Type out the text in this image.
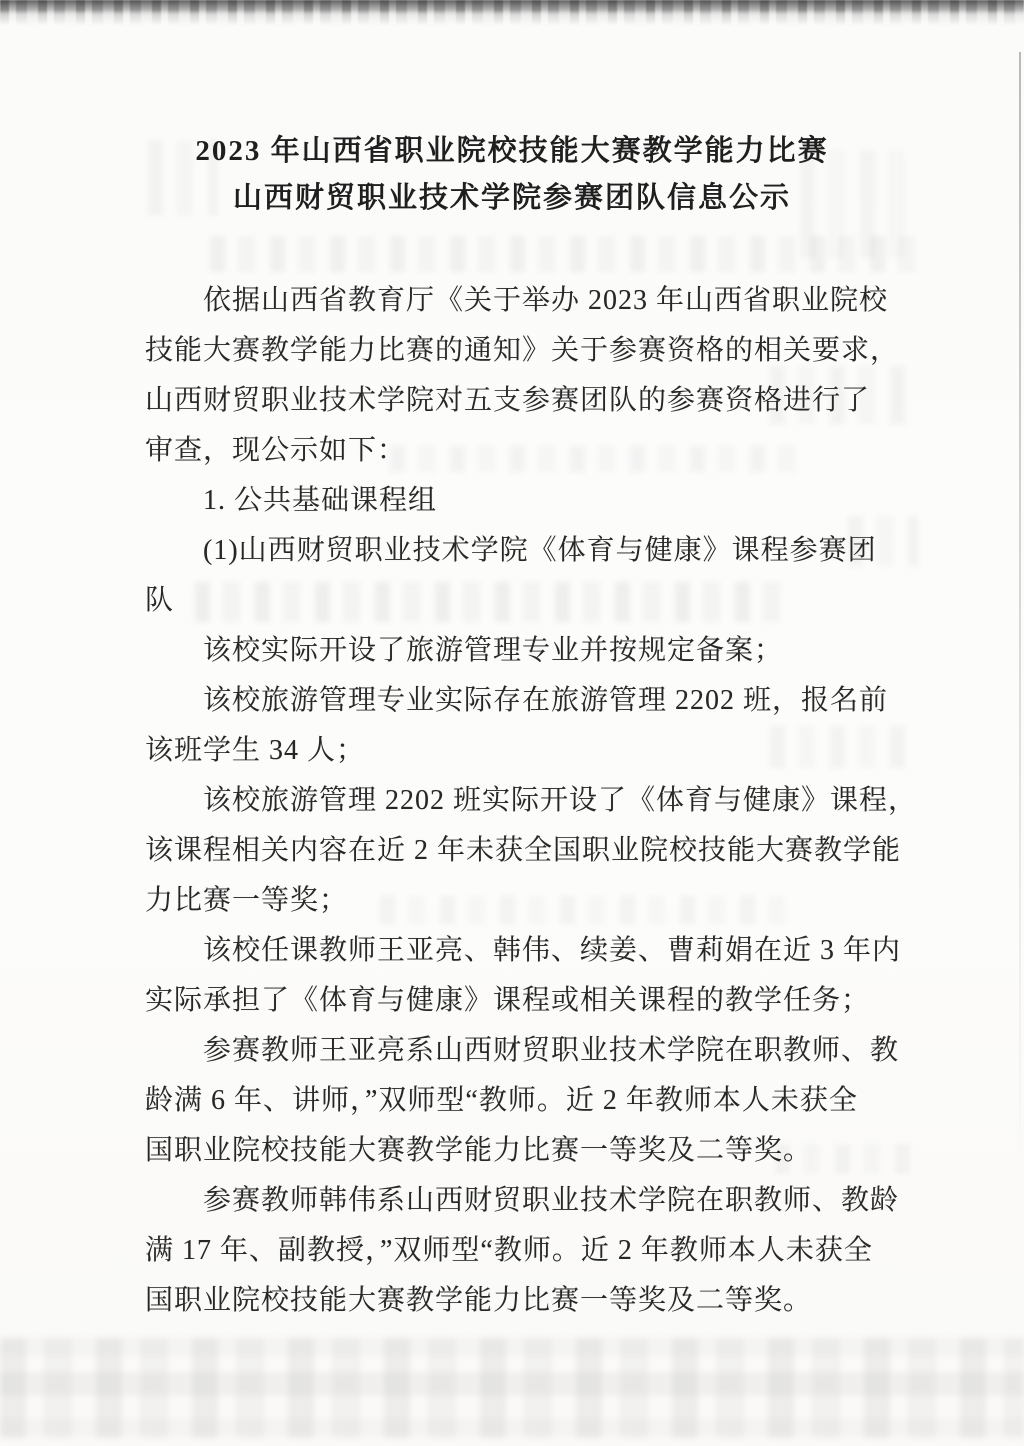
2023 年山西省职业院校技能大赛教学能力比赛
山西财贸职业技术学院参赛团队信息公示
依据山西省教育厅《关于举办 2023 年山西省职业院校
技能大赛教学能力比赛的通知》关于参赛资格的相关要求，
山西财贸职业技术学院对五支参赛团队的参赛资格进行了
审查，现公示如下：
1. 公共基础课程组
(1)山西财贸职业技术学院《体育与健康》课程参赛团
队
该校实际开设了旅游管理专业并按规定备案；
该校旅游管理专业实际存在旅游管理 2202 班，报名前
该班学生 34 人；
该校旅游管理 2202 班实际开设了《体育与健康》课程，
该课程相关内容在近 2 年未获全国职业院校技能大赛教学能
力比赛一等奖；
该校任课教师王亚亮、韩伟、续姜、曹莉娟在近 3 年内
实际承担了《体育与健康》课程或相关课程的教学任务；
参赛教师王亚亮系山西财贸职业技术学院在职教师、教
龄满 6 年、讲师，”双师型“教师。近 2 年教师本人未获全
国职业院校技能大赛教学能力比赛一等奖及二等奖。
参赛教师韩伟系山西财贸职业技术学院在职教师、教龄
满 17 年、副教授，”双师型“教师。近 2 年教师本人未获全
国职业院校技能大赛教学能力比赛一等奖及二等奖。
